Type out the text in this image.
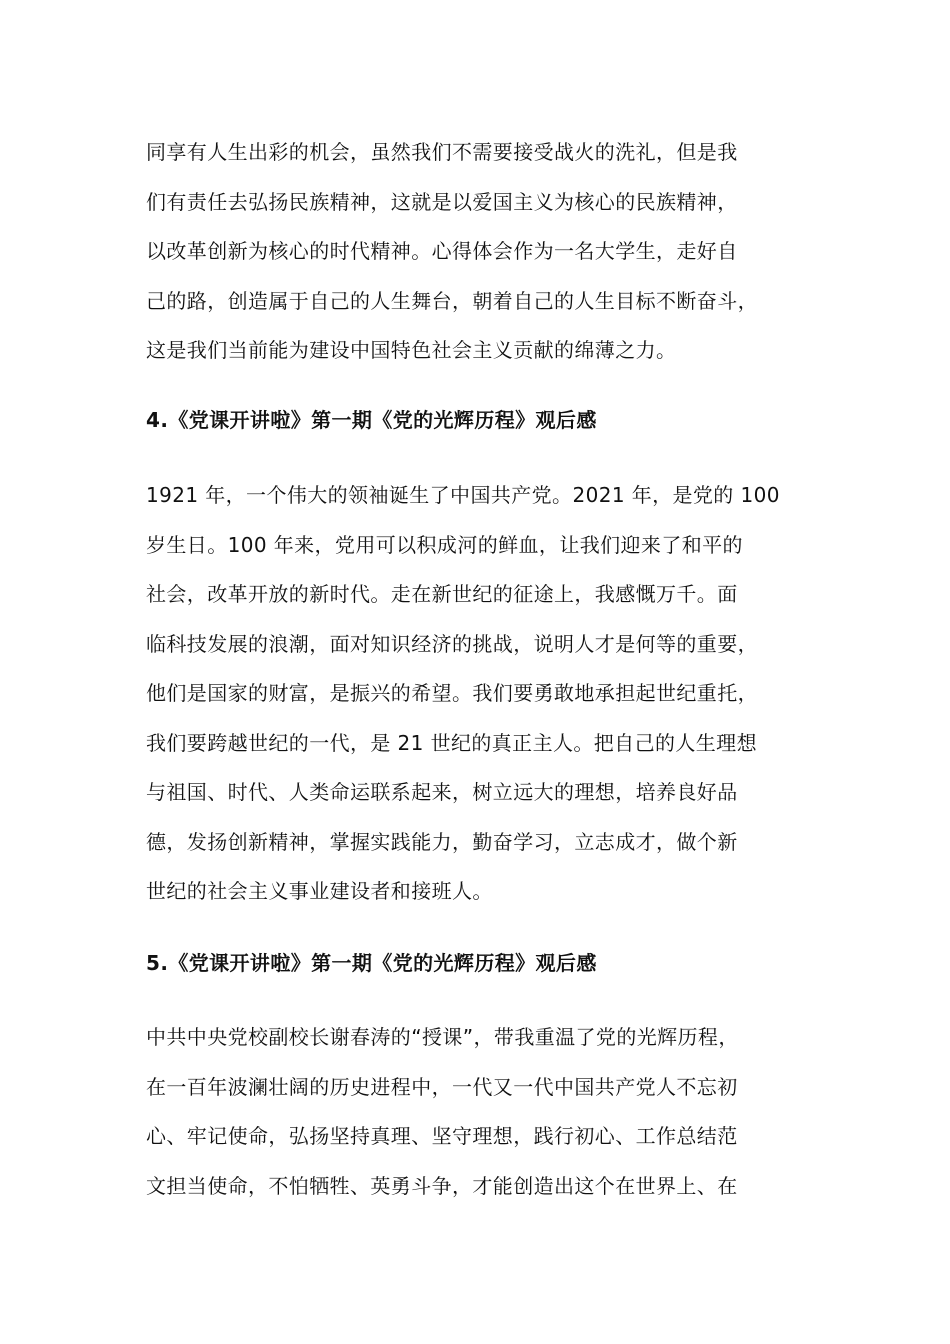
同享有人生出彩的机会，虽然我们不需要接受战火的洗礼，但是我
们有责任去弘扬民族精神，这就是以爱国主义为核心的民族精神，
以改革创新为核心的时代精神。心得体会作为一名大学生，走好自
己的路，创造属于自己的人生舞台，朝着自己的人生目标不断奋斗，
这是我们当前能为建设中国特色社会主义贡献的绵薄之力。
4.《党课开讲啦》第一期《党的光辉历程》观后感
1921 年，一个伟大的领袖诞生了中国共产党。2021 年，是党的 100
岁生日。100 年来，党用可以积成河的鲜血，让我们迎来了和平的
社会，改革开放的新时代。走在新世纪的征途上，我感慨万千。面
临科技发展的浪潮，面对知识经济的挑战，说明人才是何等的重要，
他们是国家的财富，是振兴的希望。我们要勇敢地承担起世纪重托，
我们要跨越世纪的一代，是 21 世纪的真正主人。把自己的人生理想
与祖国、时代、人类命运联系起来，树立远大的理想，培养良好品
德，发扬创新精神，掌握实践能力，勤奋学习，立志成才，做个新
世纪的社会主义事业建设者和接班人。
5.《党课开讲啦》第一期《党的光辉历程》观后感
中共中央党校副校长谢春涛的“授课”，带我重温了党的光辉历程，
在一百年波澜壮阔的历史进程中，一代又一代中国共产党人不忘初
心、牢记使命，弘扬坚持真理、坚守理想，践行初心、工作总结范
文担当使命，不怕牺牲、英勇斗争，才能创造出这个在世界上、在
